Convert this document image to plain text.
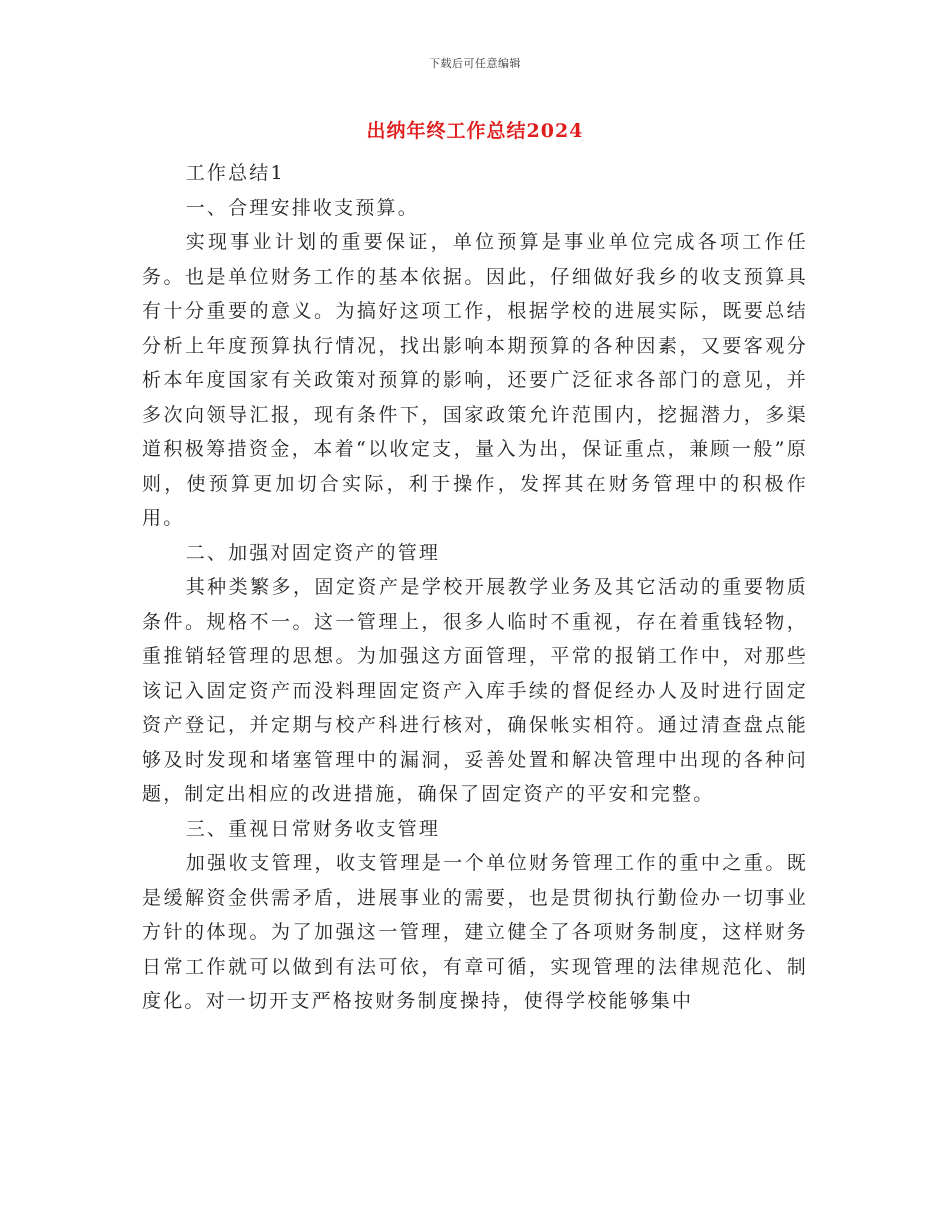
下载后可任意编辑
出纳年终工作总结2024

工作总结1

一、合理安排收支预算。

实现事业计划的重要保证，单位预算是事业单位完成各项工作任务。也是单位财务工作的基本依据。因此，仔细做好我乡的收支预算具有十分重要的意义。为搞好这项工作，根据学校的进展实际，既要总结分析上年度预算执行情况，找出影响本期预算的各种因素，又要客观分析本年度国家有关政策对预算的影响，还要广泛征求各部门的意见，并多次向领导汇报，现有条件下，国家政策允许范围内，挖掘潜力，多渠道积极筹措资金，本着“以收定支，量入为出，保证重点，兼顾一般”原则，使预算更加切合实际，利于操作，发挥其在财务管理中的积极作用。

二、加强对固定资产的管理

其种类繁多，固定资产是学校开展教学业务及其它活动的重要物质条件。规格不一。这一管理上，很多人临时不重视，存在着重钱轻物，重推销轻管理的思想。为加强这方面管理，平常的报销工作中，对那些该记入固定资产而没料理固定资产入库手续的督促经办人及时进行固定资产登记，并定期与校产科进行核对，确保帐实相符。通过清查盘点能够及时发现和堵塞管理中的漏洞，妥善处置和解决管理中出现的各种问题，制定出相应的改进措施，确保了固定资产的平安和完整。

三、重视日常财务收支管理

加强收支管理，收支管理是一个单位财务管理工作的重中之重。既是缓解资金供需矛盾，进展事业的需要，也是贯彻执行勤俭办一切事业方针的体现。为了加强这一管理，建立健全了各项财务制度，这样财务日常工作就可以做到有法可依，有章可循，实现管理的法律规范化、制度化。对一切开支严格按财务制度操持，使得学校能够集中
